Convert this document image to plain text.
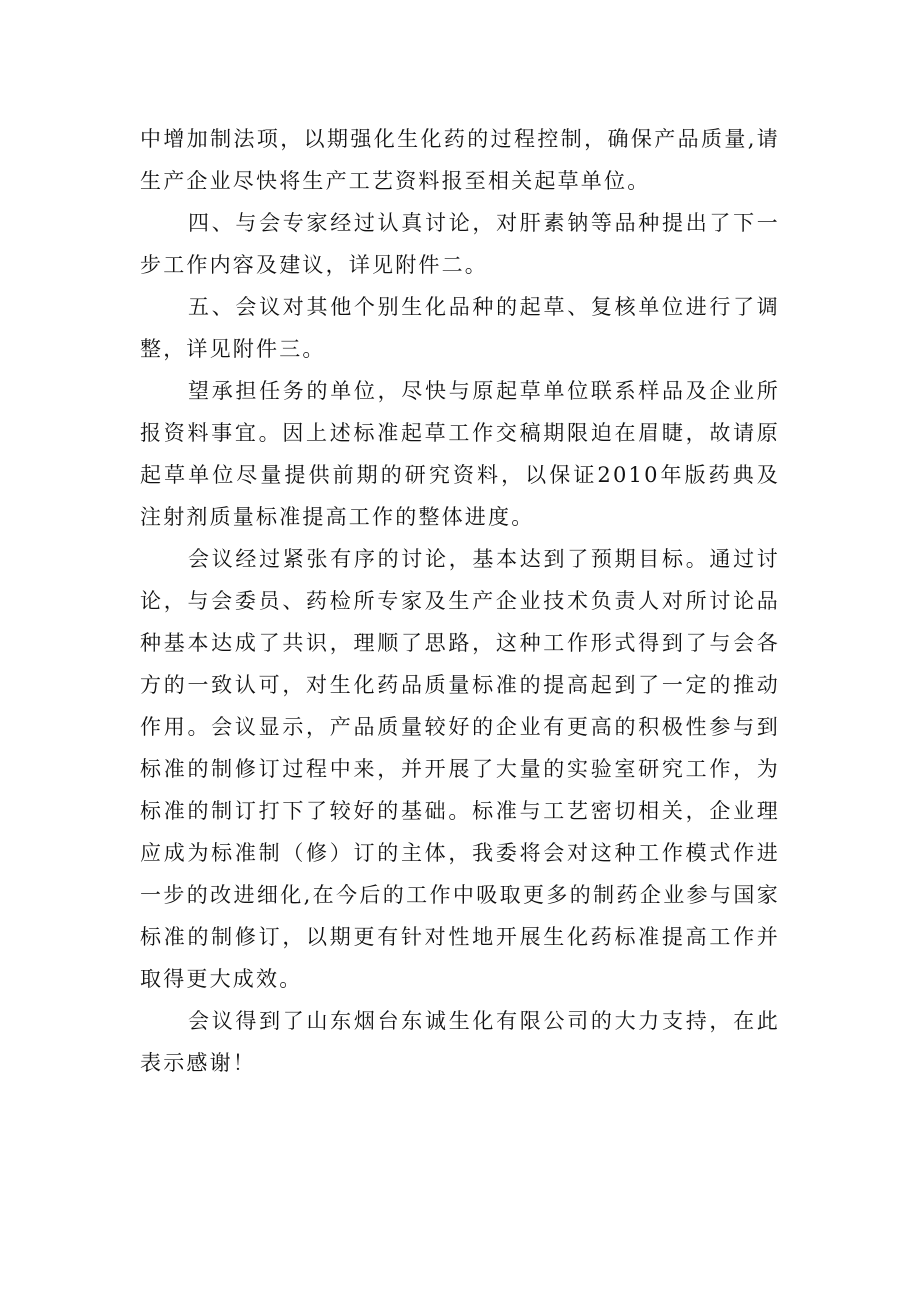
中增加制法项，以期强化生化药的过程控制，确保产品质量,请生产企业尽快将生产工艺资料报至相关起草单位。

四、与会专家经过认真讨论，对肝素钠等品种提出了下一步工作内容及建议，详见附件二。

五、会议对其他个别生化品种的起草、复核单位进行了调整，详见附件三。

望承担任务的单位，尽快与原起草单位联系样品及企业所报资料事宜。因上述标准起草工作交稿期限迫在眉睫，故请原起草单位尽量提供前期的研究资料，以保证2010年版药典及注射剂质量标准提高工作的整体进度。

会议经过紧张有序的讨论，基本达到了预期目标。通过讨论，与会委员、药检所专家及生产企业技术负责人对所讨论品种基本达成了共识，理顺了思路，这种工作形式得到了与会各方的一致认可，对生化药品质量标准的提高起到了一定的推动作用。会议显示，产品质量较好的企业有更高的积极性参与到标准的制修订过程中来，并开展了大量的实验室研究工作，为标准的制订打下了较好的基础。标准与工艺密切相关，企业理应成为标准制（修）订的主体，我委将会对这种工作模式作进一步的改进细化,在今后的工作中吸取更多的制药企业参与国家标准的制修订，以期更有针对性地开展生化药标准提高工作并取得更大成效。

会议得到了山东烟台东诚生化有限公司的大力支持，在此表示感谢！
